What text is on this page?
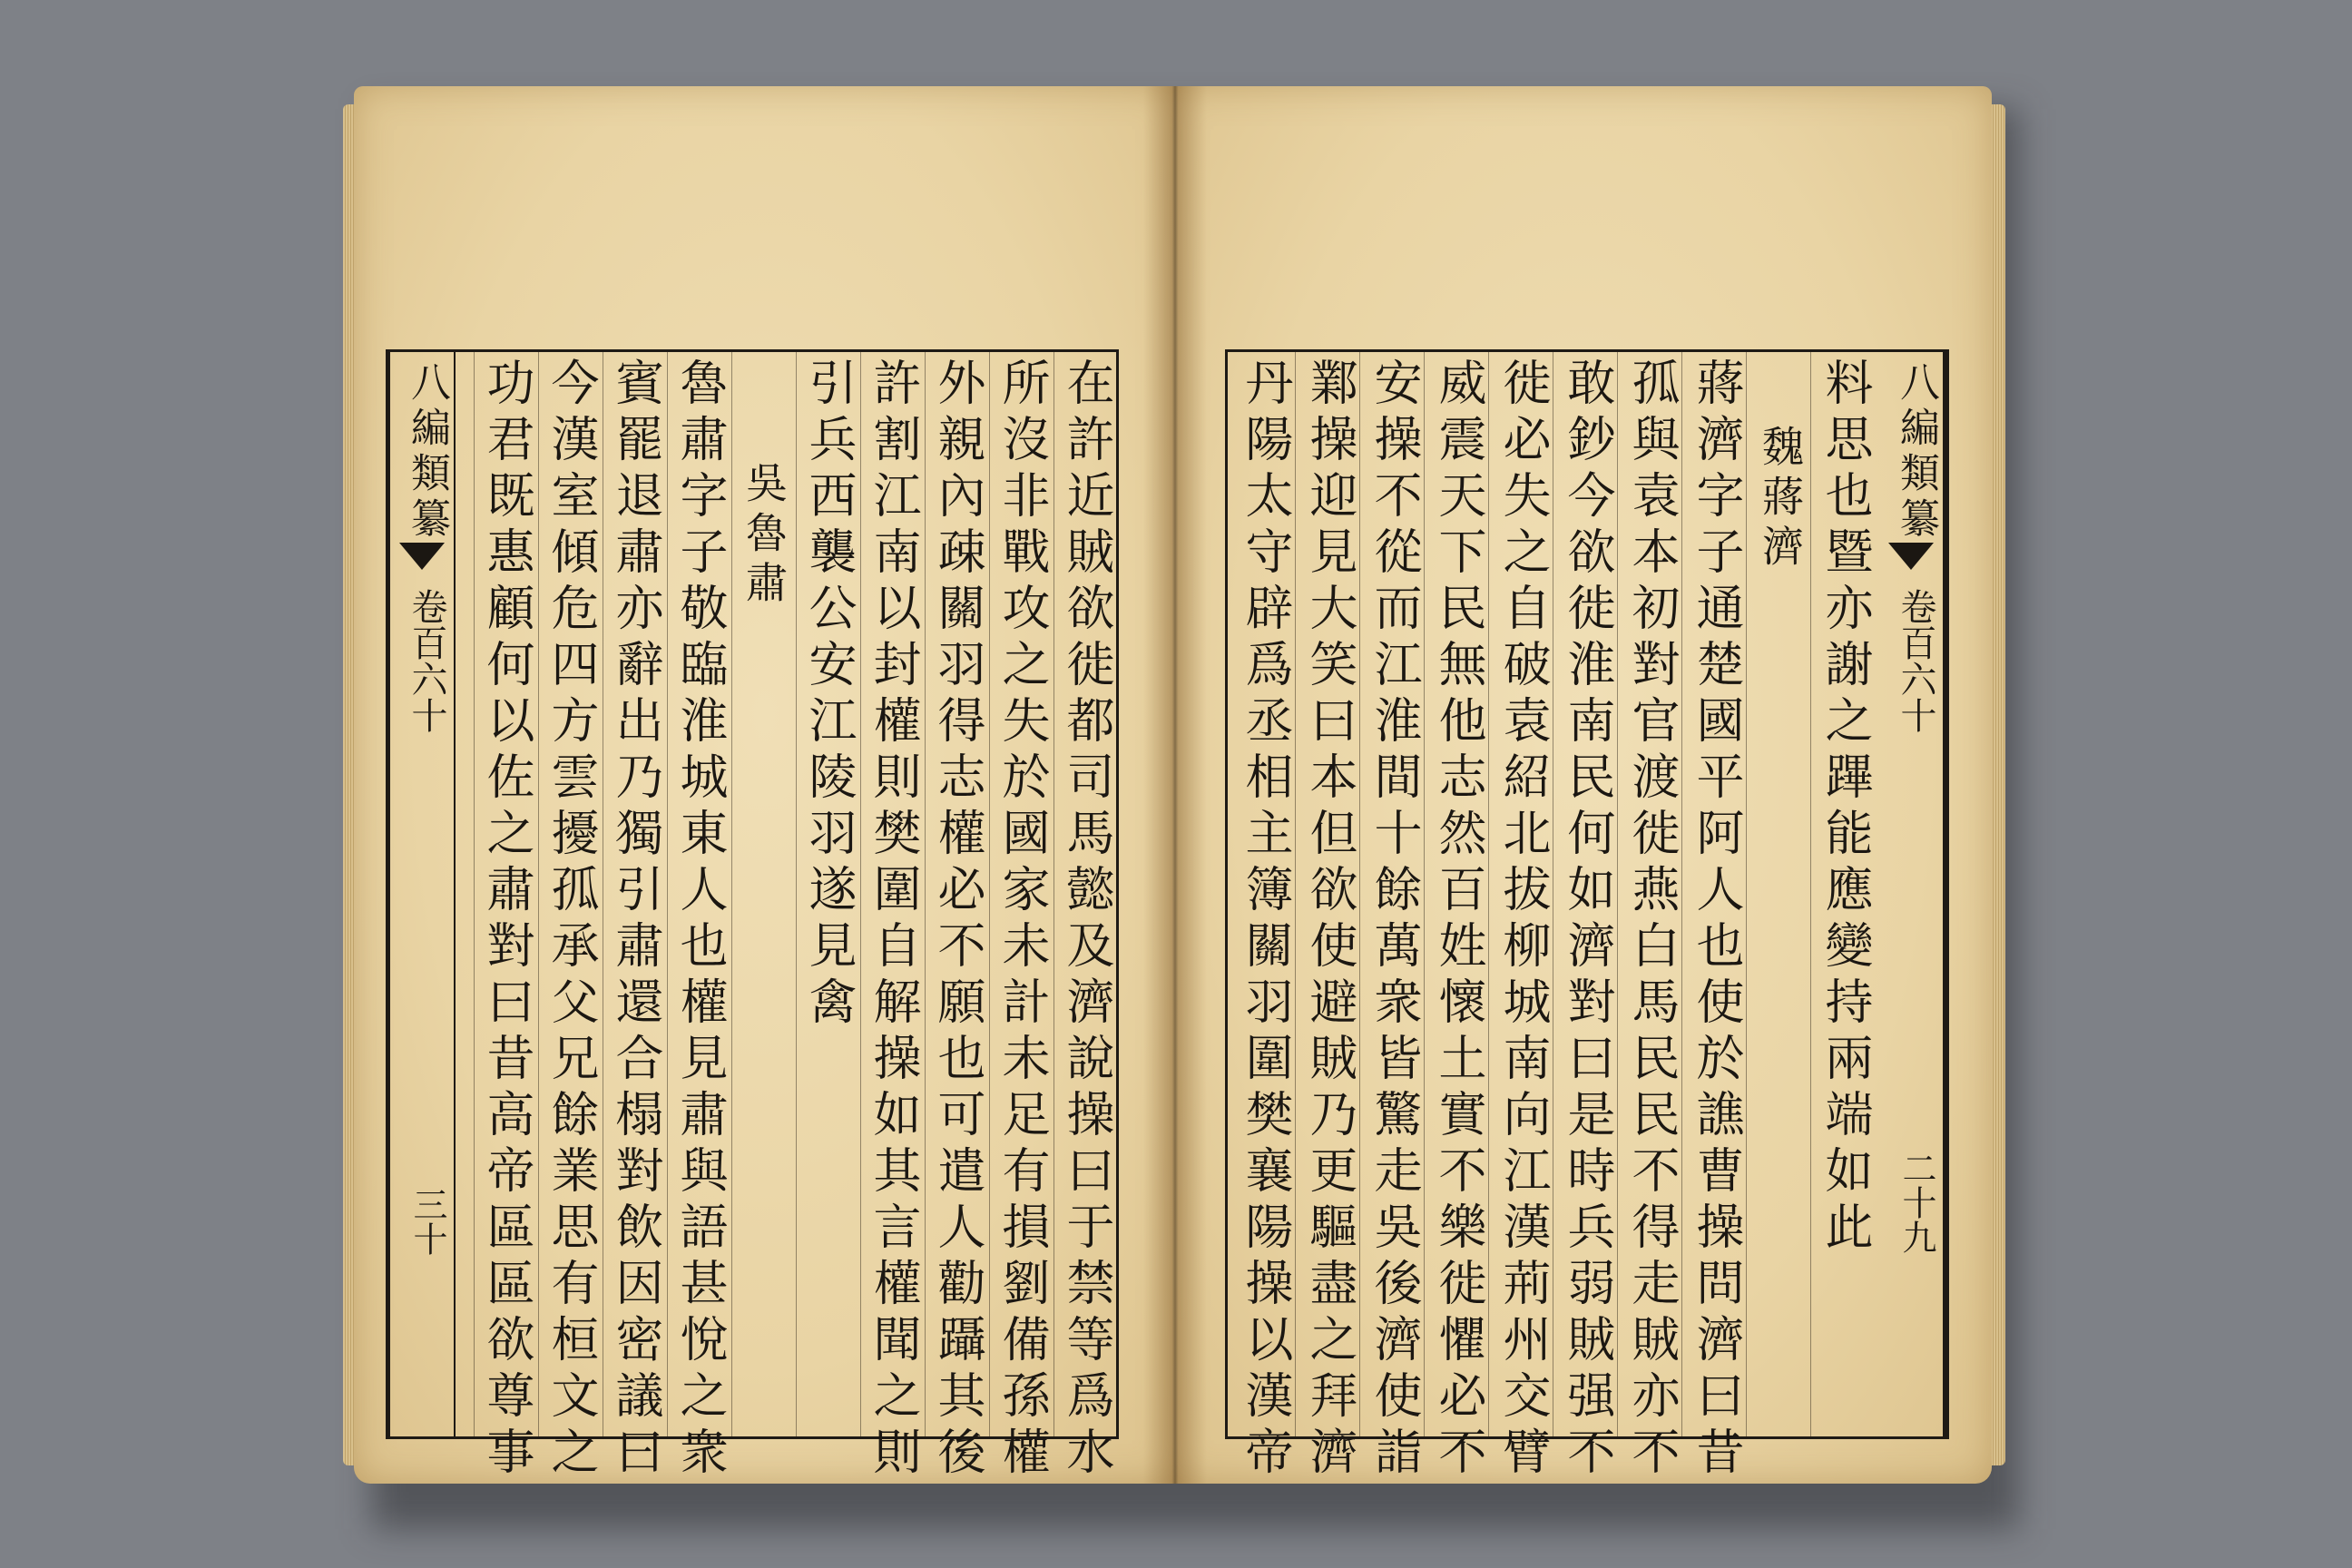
八編類纂
卷百六十
三十	在許近賊欲徙都司馬懿及濟說操曰于禁等爲水
所沒非戰攻之失於國家未計未足有損劉備孫權
外親內疎關羽得志權必不願也可遣人勸躡其後
許割江南以封權則樊圍自解操如其言權聞之則
引兵西襲公安江陵羽遂見禽
吳魯肅
魯肅字子敬臨淮城東人也權見肅與語甚悅之衆
賓罷退肅亦辭出乃獨引肅還合榻對飲因密議曰
今漢室傾危四方雲擾孤承父兄餘業思有桓文之
功君既惠顧何以佐之肅對曰昔高帝區區欲尊事	八編類纂
卷百六十
二十九
料思也暨亦謝之蹕能應變持兩端如此
魏蔣濟
蔣濟字子通楚國平阿人也使於譙曹操問濟曰昔
孤與袁本初對官渡徙燕白馬民民不得走賊亦不
敢鈔今欲徙淮南民何如濟對曰是時兵弱賊强不
徙必失之自破袁紹北拔柳城南向江漢荊州交臂
威震天下民無他志然百姓懷土實不樂徙懼必不
安操不從而江淮間十餘萬衆皆驚走吳後濟使詣
鄴操迎見大笑曰本但欲使避賊乃更驅盡之拜濟
丹陽太守辟爲丞相主簿關羽圍樊襄陽操以漢帝
